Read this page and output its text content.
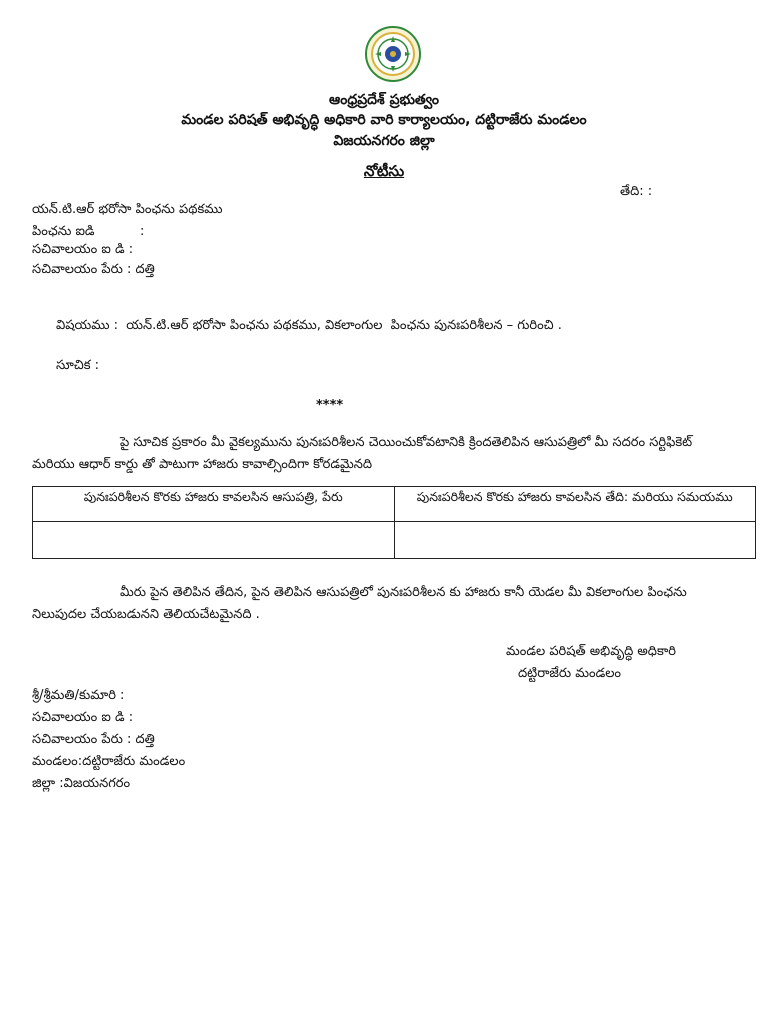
ఆంధ్రప్రదేశ్ ప్రభుత్వం
మండల పరిషత్ అభివృద్ధి అధికారి వారి కార్యాలయం, దట్టిరాజేరు మండలం
విజయనగరం జిల్లా
నోటీసు
తేది: :
యన్.టి.ఆర్ భరోసా పింఛను పథకము
పింఛను ఐడి           :
సచివాలయం ఐ డి :
సచివాలయం పేరు : దత్తి
విషయము :  యన్.టి.ఆర్ భరోసా పింఛను పథకము, వికలాంగుల  పింఛను పునఃపరిశీలన – గురించి .
సూచిక :
****
పై సూచిక ప్రకారం మీ వైకల్యమును పునఃపరిశీలన చెయించుకోవటానికి క్రిందతెలిపిన ఆసుపత్రిలో మీ సదరం సర్టిఫికెట్ మరియు ఆధార్ కార్డు తో పాటుగా హాజరు కావాల్సిందిగా కోరడమైనది
పునఃపరిశీలన కొరకు హాజరు కావలసిన ఆసుపత్రి, పేరు	పునఃపరిశీలన కొరకు హాజరు కావలసిన తేది: మరియు సమయము

మీరు పైన తెలిపిన తేదిన, పైన తెలిపిన ఆసుపత్రిలో పునఃపరిశీలన కు హాజరు కానీ యెడల మీ వికలాంగుల పింఛను నిలుపుదల చేయబడునని తెలియచేటమైనది .
మండల పరిషత్ అభివృద్ధి అధికారి
దట్టిరాజేరు మండలం
శ్రీ/శ్రీమతి/కుమారి :
సచివాలయం ఐ డి :
సచివాలయం పేరు : దత్తి
మండలం:దట్టిరాజేరు మండలం
జిల్లా :విజయనగరం
